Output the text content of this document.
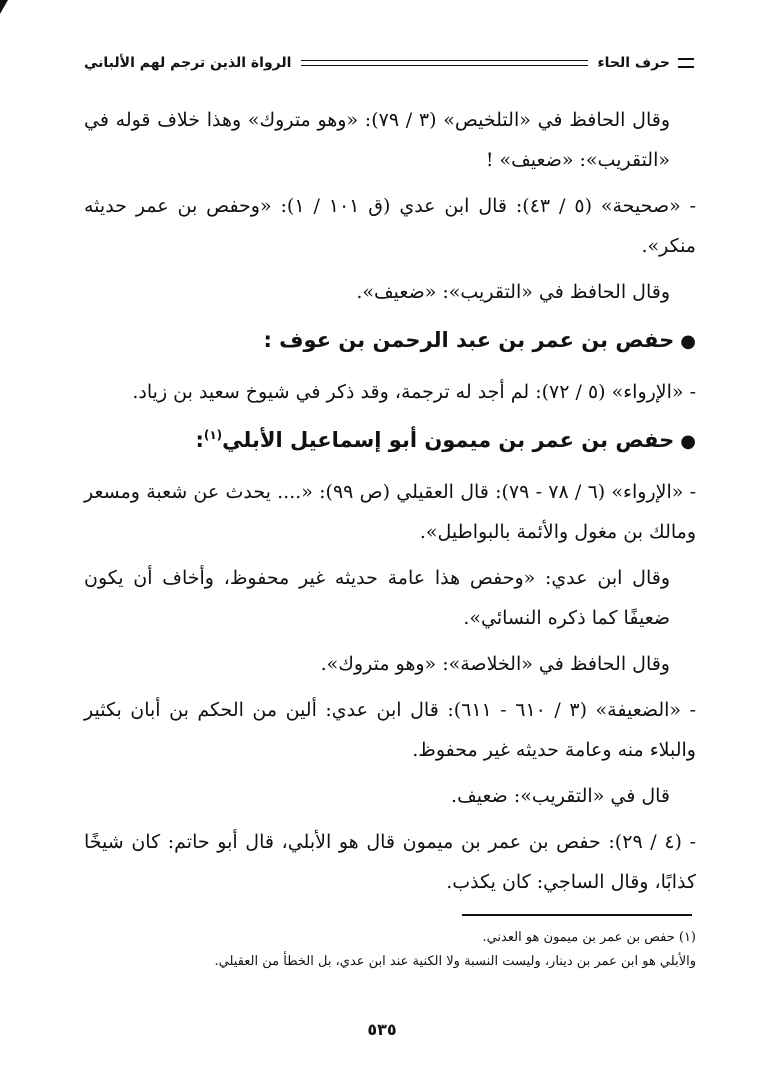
حرف الحاء
الرواة الذين ترجم لهم الألباني

وقال الحافظ في «التلخيص» (٣ / ٧٩): «وهو متروك» وهذا خلاف قوله في «التقريب»: «ضعيف» !

- «صحيحة» (٥ / ٤٣): قال ابن عدي (ق ١٠١ / ١): «وحفص بن عمر حديثه منكر».

وقال الحافظ في «التقريب»: «ضعيف».

●حفص بن عمر بن عبد الرحمن بن عوف :

- «الإرواء» (٥ / ٧٢): لم أجد له ترجمة، وقد ذكر في شيوخ سعيد بن زياد.

●حفص بن عمر بن ميمون أبو إسماعيل الأبلي$^{(١)}$:

- «الإرواء» (٦ / ٧٨ - ٧٩): قال العقيلي (ص ٩٩): «.... يحدث عن شعبة ومسعر ومالك بن مغول والأئمة بالبواطيل».

وقال ابن عدي: «وحفص هذا عامة حديثه غير محفوظ، وأخاف أن يكون ضعيفًا كما ذكره النسائي».

وقال الحافظ في «الخلاصة»: «وهو متروك».

- «الضعيفة» (٣ / ٦١٠ - ٦١١): قال ابن عدي: ألين من الحكم بن أبان بكثير والبلاء منه وعامة حديثه غير محفوظ.

قال في «التقريب»: ضعيف.

- (٤ / ٢٩): حفص بن عمر بن ميمون قال هو الأبلي، قال أبو حاتم: كان شيخًا كذابًا، وقال الساجي: كان يكذب.

(١) حفص بن عمر بن ميمون هو العدني.
والأبلي هو ابن عمر بن دينار، وليست النسبة ولا الكنية عند ابن عدي، بل الخطأ من العقيلي.
٥٣٥
